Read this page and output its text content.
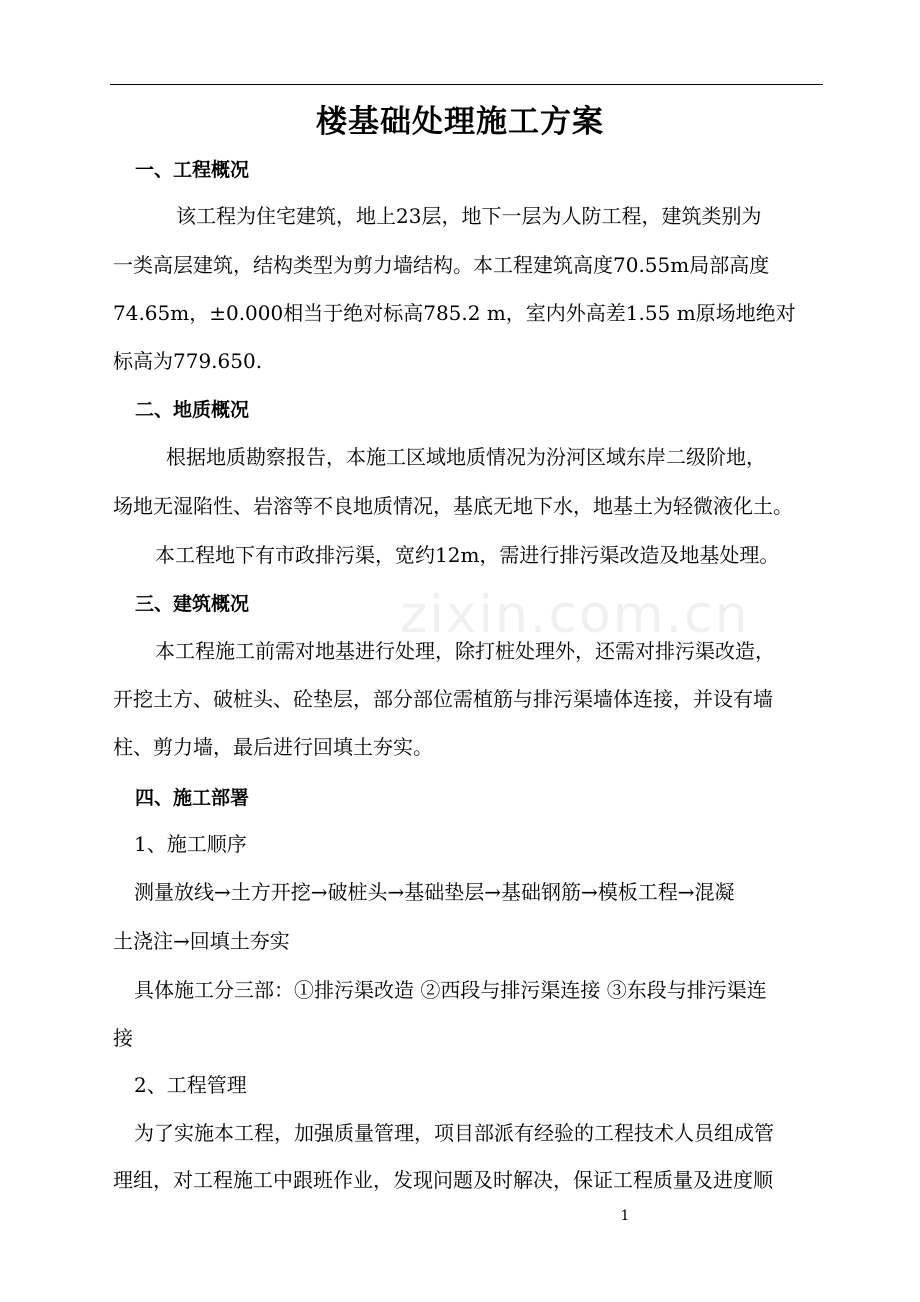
楼基础处理施工方案
一、工程概况
该工程为住宅建筑，地上23层，地下一层为人防工程，建筑类别为
一类高层建筑，结构类型为剪力墙结构。本工程建筑高度70.55m局部高度
74.65m，±0.000相当于绝对标高785.2 m，室内外高差1.55 m原场地绝对
标高为779.650.
二、地质概况
根据地质勘察报告，本施工区域地质情况为汾河区域东岸二级阶地，
场地无湿陷性、岩溶等不良地质情况，基底无地下水，地基土为轻微液化土。
本工程地下有市政排污渠，宽约12m，需进行排污渠改造及地基处理。
三、建筑概况
本工程施工前需对地基进行处理，除打桩处理外，还需对排污渠改造，
开挖土方、破桩头、砼垫层，部分部位需植筋与排污渠墙体连接，并设有墙
柱、剪力墙，最后进行回填土夯实。
四、施工部署
1、施工顺序
测量放线→土方开挖→破桩头→基础垫层→基础钢筋→模板工程→混凝
土浇注→回填土夯实
具体施工分三部：①排污渠改造 ②西段与排污渠连接 ③东段与排污渠连
接
2、工程管理
为了实施本工程，加强质量管理，项目部派有经验的工程技术人员组成管
理组，对工程施工中跟班作业，发现问题及时解决，保证工程质量及进度顺
zixin.com.cn
1
